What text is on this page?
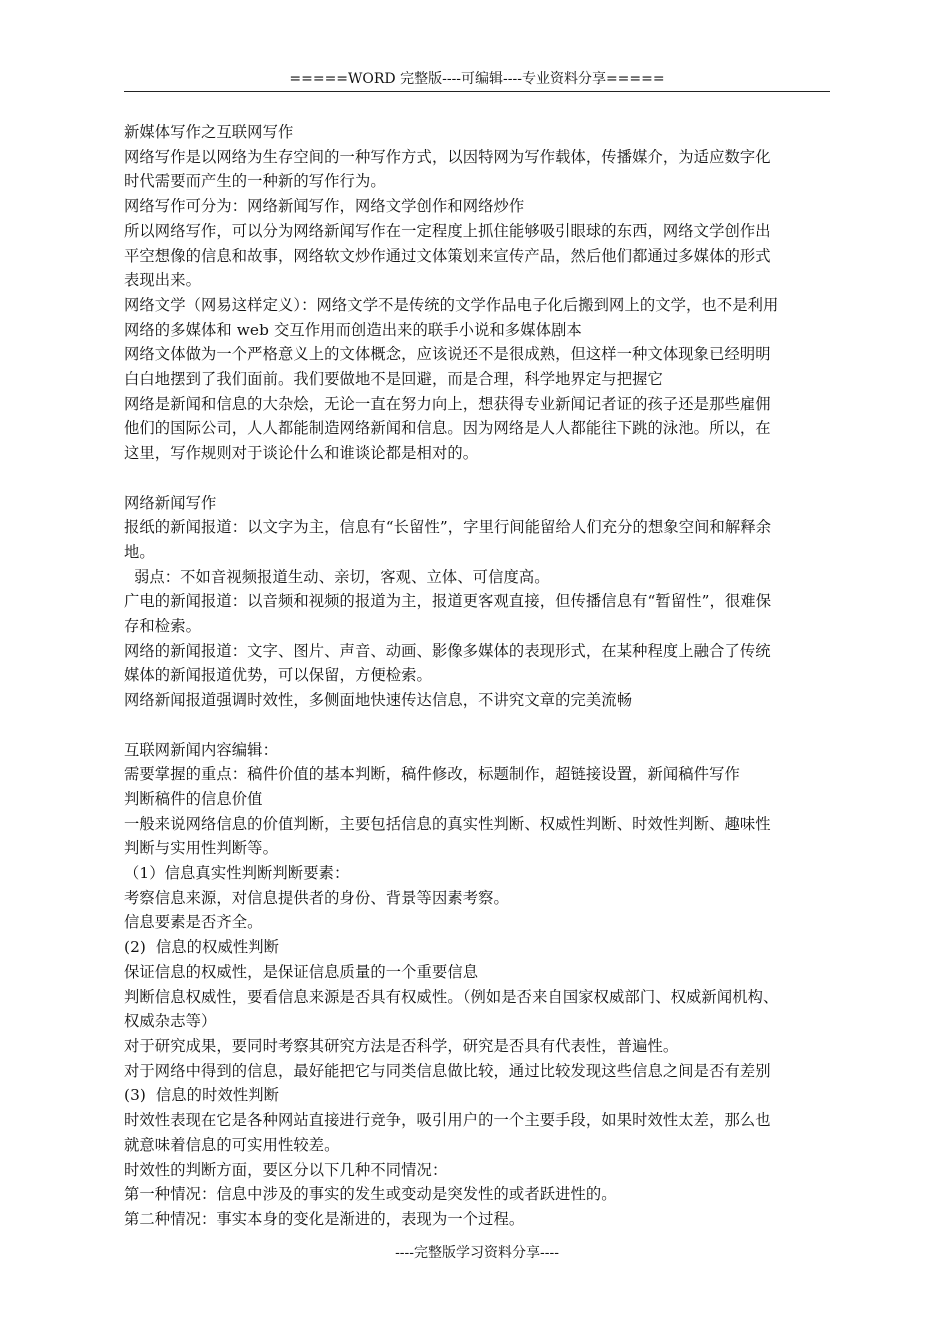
=====WORD 完整版----可编辑----专业资料分享=====

新媒体写作之互联网写作

网络写作是以网络为生存空间的一种写作方式，以因特网为写作载体，传播媒介，为适应数字化

时代需要而产生的一种新的写作行为。

网络写作可分为：网络新闻写作，网络文学创作和网络炒作

所以网络写作，可以分为网络新闻写作在一定程度上抓住能够吸引眼球的东西，网络文学创作出

平空想像的信息和故事，网络软文炒作通过文体策划来宣传产品，然后他们都通过多媒体的形式

表现出来。

网络文学（网易这样定义）：网络文学不是传统的文学作品电子化后搬到网上的文学，也不是利用

网络的多媒体和 web 交互作用而创造出来的联手小说和多媒体剧本

网络文体做为一个严格意义上的文体概念，应该说还不是很成熟，但这样一种文体现象已经明明

白白地摆到了我们面前。我们要做地不是回避，而是合理，科学地界定与把握它

网络是新闻和信息的大杂烩，无论一直在努力向上，想获得专业新闻记者证的孩子还是那些雇佣

他们的国际公司，人人都能制造网络新闻和信息。因为网络是人人都能往下跳的泳池。所以，在

这里，写作规则对于谈论什么和谁谈论都是相对的。

网络新闻写作

报纸的新闻报道：以文字为主，信息有“长留性”，字里行间能留给人们充分的想象空间和解释余

地。

弱点：不如音视频报道生动、亲切，客观、立体、可信度高。

广电的新闻报道：以音频和视频的报道为主，报道更客观直接，但传播信息有“暂留性”，很难保

存和检索。

网络的新闻报道：文字、图片、声音、动画、影像多媒体的表现形式，在某种程度上融合了传统

媒体的新闻报道优势，可以保留，方便检索。

网络新闻报道强调时效性，多侧面地快速传达信息，不讲究文章的完美流畅

互联网新闻内容编辑：

需要掌握的重点：稿件价值的基本判断，稿件修改，标题制作，超链接设置，新闻稿件写作

判断稿件的信息价值

一般来说网络信息的价值判断，主要包括信息的真实性判断、权威性判断、时效性判断、趣味性

判断与实用性判断等。

（1）信息真实性判断判断要素：

考察信息来源，对信息提供者的身份、背景等因素考察。

信息要素是否齐全。

(2)  信息的权威性判断

保证信息的权威性，是保证信息质量的一个重要信息

判断信息权威性，要看信息来源是否具有权威性。（例如是否来自国家权威部门、权威新闻机构、

权威杂志等）

对于研究成果，要同时考察其研究方法是否科学，研究是否具有代表性，普遍性。

对于网络中得到的信息，最好能把它与同类信息做比较，通过比较发现这些信息之间是否有差别

(3)  信息的时效性判断

时效性表现在它是各种网站直接进行竞争，吸引用户的一个主要手段，如果时效性太差，那么也

就意味着信息的可实用性较差。

时效性的判断方面，要区分以下几种不同情况：

第一种情况：信息中涉及的事实的发生或变动是突发性的或者跃进性的。

第二种情况：事实本身的变化是渐进的，表现为一个过程。

----完整版学习资料分享----
